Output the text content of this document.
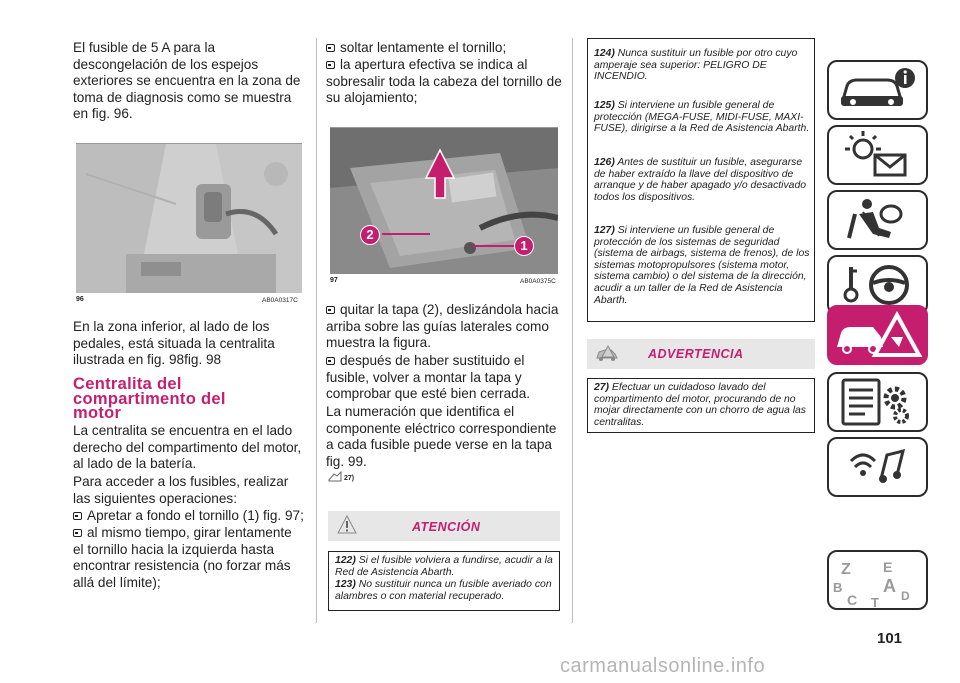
El fusible de 5 A para la descongelación de los espejos exteriores se encuentra en la zona de toma de diagnosis como se muestra en fig. 96.
96	AB0A0317C
En la zona inferior, al lado de los pedales, está situada la centralita ilustrada en fig. 98fig. 98
Centralita del compartimento del motor
La centralita se encuentra en el lado derecho del compartimento del motor, al lado de la batería.
Para acceder a los fusibles, realizar las siguientes operaciones:
Apretar a fondo el tornillo (1) fig. 97;
al mismo tiempo, girar lentamente el tornillo hacia la izquierda hasta encontrar resistencia (no forzar más allá del límite);
soltar lentamente el tornillo;
la apertura efectiva se indica al sobresalir toda la cabeza del tornillo de su alojamiento;
2
1
97	AB0A0375C
quitar la tapa (2), deslizándola hacia arriba sobre las guías laterales como muestra la figura.
después de haber sustituido el fusible, volver a montar la tapa y comprobar que esté bien cerrada.
La numeración que identifica el componente eléctrico correspondiente a cada fusible puede verse en la tapa fig. 99.
27)
ATENCIÓN
122) Si el fusible volviera a fundirse, acudir a la Red de Asistencia Abarth.
123) No sustituir nunca un fusible averiado con alambres o con material recuperado.
124) Nunca sustituir un fusible por otro cuyo amperaje sea superior: PELIGRO DE INCENDIO.
125) Si interviene un fusible general de protección (MEGA-FUSE, MIDI-FUSE, MAXI-FUSE), dirigirse a la Red de Asistencia Abarth.
126) Antes de sustituir un fusible, asegurarse de haber extraído la llave del dispositivo de arranque y de haber apagado y/o desactivado todos los dispositivos.
127) Si interviene un fusible general de protección de los sistemas de seguridad (sistema de airbags, sistema de frenos), de los sistemas motopropulsores (sistema motor, sistema cambio) o del sistema de la dirección, acudir a un taller de la Red de Asistencia Abarth.
ADVERTENCIA
27) Efectuar un cuidadoso lavado del compartimento del motor, procurando de no mojar directamente con un chorro de agua las centralitas.
Z E
B A
C	D
T
101
carmanualsonline.info
